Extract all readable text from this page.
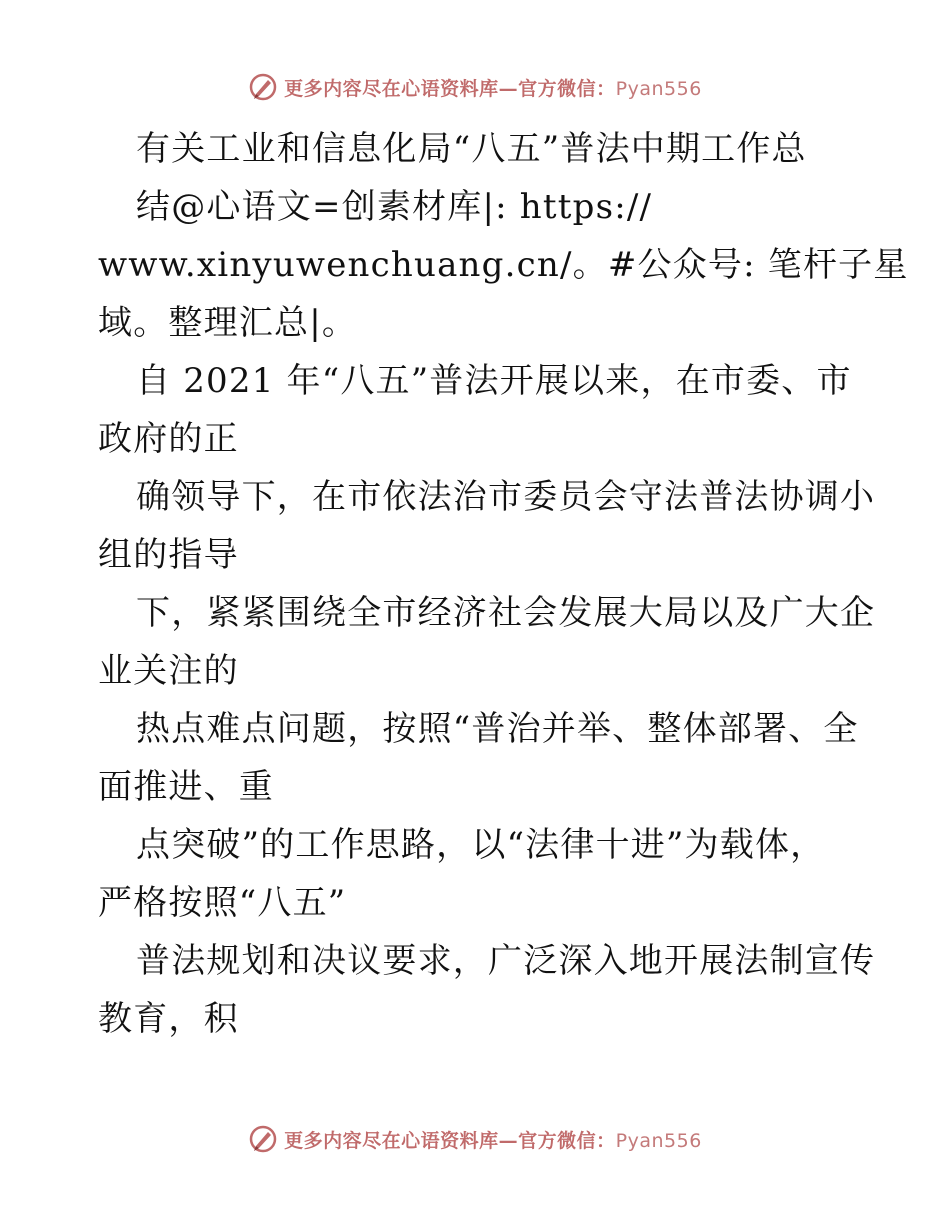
更多内容尽在心语资料库—官方微信：Pyan556
有关工业和信息化局“八五”普法中期工作总
结@心语文=创素材库|: https://
www.xinyuwenchuang.cn/。#公众号: 笔杆子星
域。整理汇总|。
自 2021 年“八五”普法开展以来，在市委、市
政府的正
确领导下，在市依法治市委员会守法普法协调小
组的指导
下，紧紧围绕全市经济社会发展大局以及广大企
业关注的
热点难点问题，按照“普治并举、整体部署、全
面推进、重
点突破”的工作思路，以“法律十进”为载体，
严格按照“八五”
普法规划和决议要求，广泛深入地开展法制宣传
教育，积
更多内容尽在心语资料库—官方微信：Pyan556
